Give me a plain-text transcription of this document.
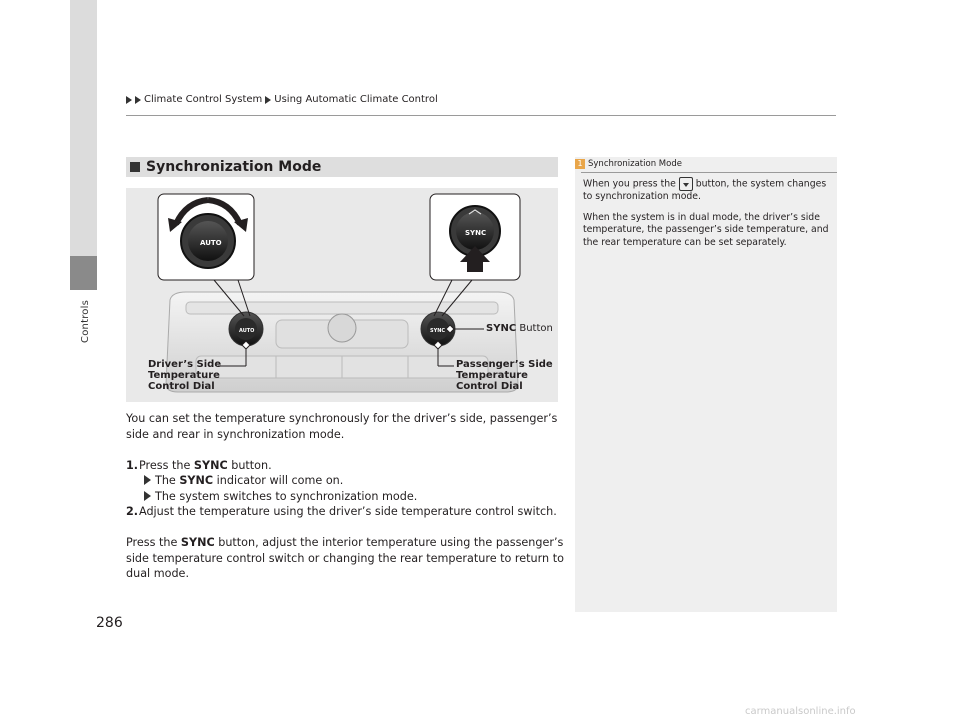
Controls
Climate Control System Using Automatic Climate Control
Synchronization Mode
AUTO
SYNC
AUTO	SYNC	SYNC Button
Driver’s Side
Temperature
Control Dial
Passenger’s Side
Temperature
Control Dial

You can set the temperature synchronously for the driver’s side, passenger’s side and rear in synchronization mode.

1. Press the SYNC button.
The SYNC indicator will come on.
The system switches to synchronization mode.
2. Adjust the temperature using the driver’s side temperature control switch.

Press the SYNC button, adjust the interior temperature using the passenger’s side temperature control switch or changing the rear temperature to return to dual mode.

1 Synchronization Mode

When you press the  button, the system changes to synchronization mode.

When the system is in dual mode, the driver’s side temperature, the passenger’s side temperature, and the rear temperature can be set separately.

286
carmanualsonline.info
